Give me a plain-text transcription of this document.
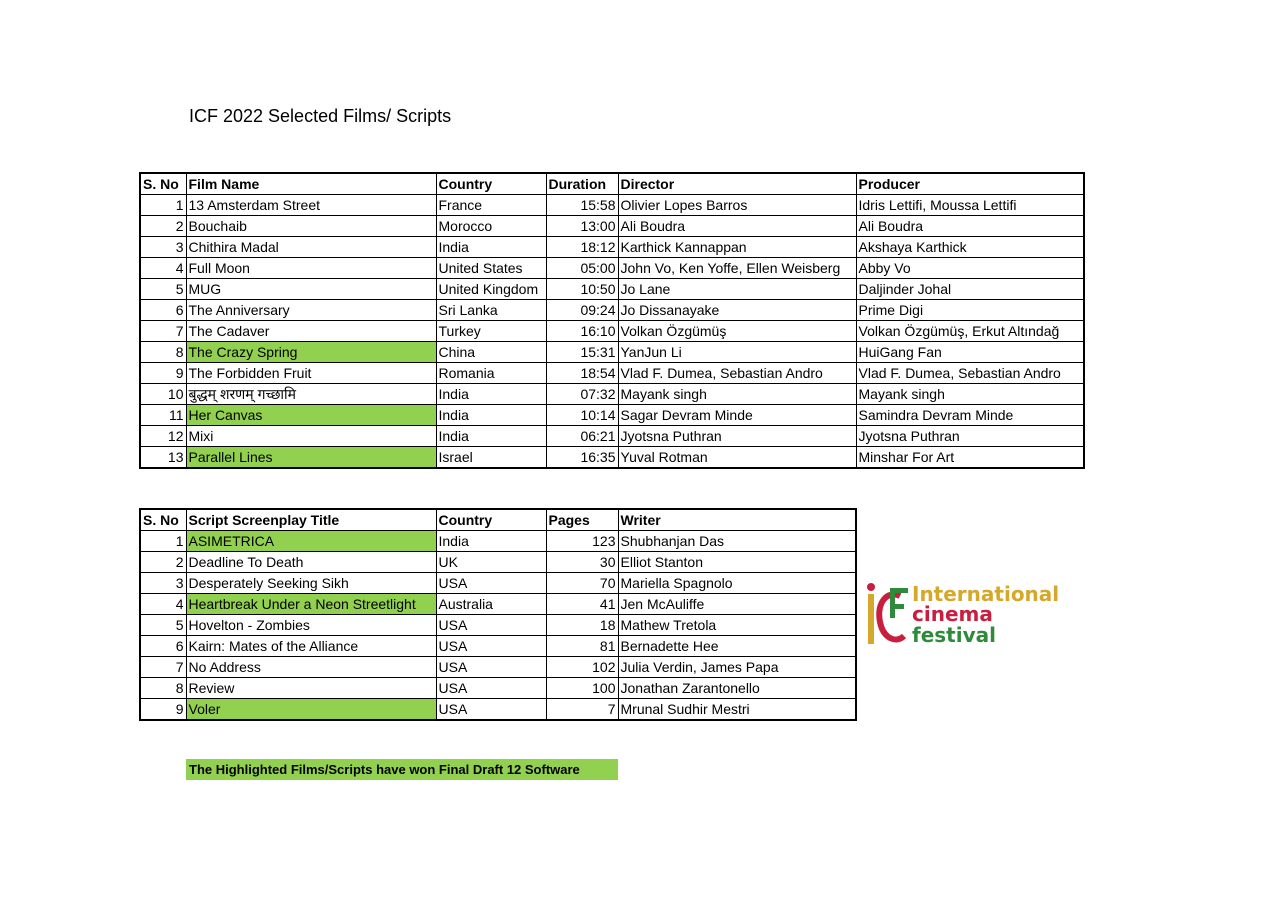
ICF 2022 Selected Films/ Scripts
S. No	Film Name	Country	Duration	Director	Producer
1	13 Amsterdam Street	France	15:58	Olivier Lopes Barros	Idris Lettifi, Moussa Lettifi
2	Bouchaib	Morocco	13:00	Ali Boudra	Ali Boudra
3	Chithira Madal	India	18:12	Karthick Kannappan	Akshaya Karthick
4	Full Moon	United States	05:00	John Vo, Ken Yoffe, Ellen Weisberg	Abby Vo
5	MUG	United Kingdom	10:50	Jo Lane	Daljinder Johal
6	The Anniversary	Sri Lanka	09:24	Jo Dissanayake	Prime Digi
7	The Cadaver	Turkey	16:10	Volkan Özgümüş	Volkan Özgümüş, Erkut Altındağ
8	The Crazy Spring	China	15:31	YanJun Li	HuiGang Fan
9	The Forbidden Fruit	Romania	18:54	Vlad F. Dumea, Sebastian Andro	Vlad F. Dumea, Sebastian Andro
10	बुद्धम् शरणम् गच्छामि	India	07:32	Mayank singh	Mayank singh
11	Her Canvas	India	10:14	Sagar Devram Minde	Samindra Devram Minde
12	Mixi	India	06:21	Jyotsna Puthran	Jyotsna Puthran
13	Parallel Lines	Israel	16:35	Yuval Rotman	Minshar For Art
S. No	Script Screenplay Title	Country	Pages	Writer
1	ASIMETRICA	India	123	Shubhanjan Das
2	Deadline To Death	UK	30	Elliot Stanton
3	Desperately Seeking Sikh	USA	70	Mariella Spagnolo
4	Heartbreak Under a Neon Streetlight	Australia	41	Jen McAuliffe
5	Hovelton - Zombies	USA	18	Mathew Tretola
6	Kairn: Mates of the Alliance	USA	81	Bernadette Hee
7	No Address	USA	102	Julia Verdin, James Papa
8	Review	USA	100	Jonathan Zarantonello
9	Voler	USA	7	Mrunal Sudhir Mestri
International
cinema
festival
The Highlighted Films/Scripts have won Final Draft 12 Software
